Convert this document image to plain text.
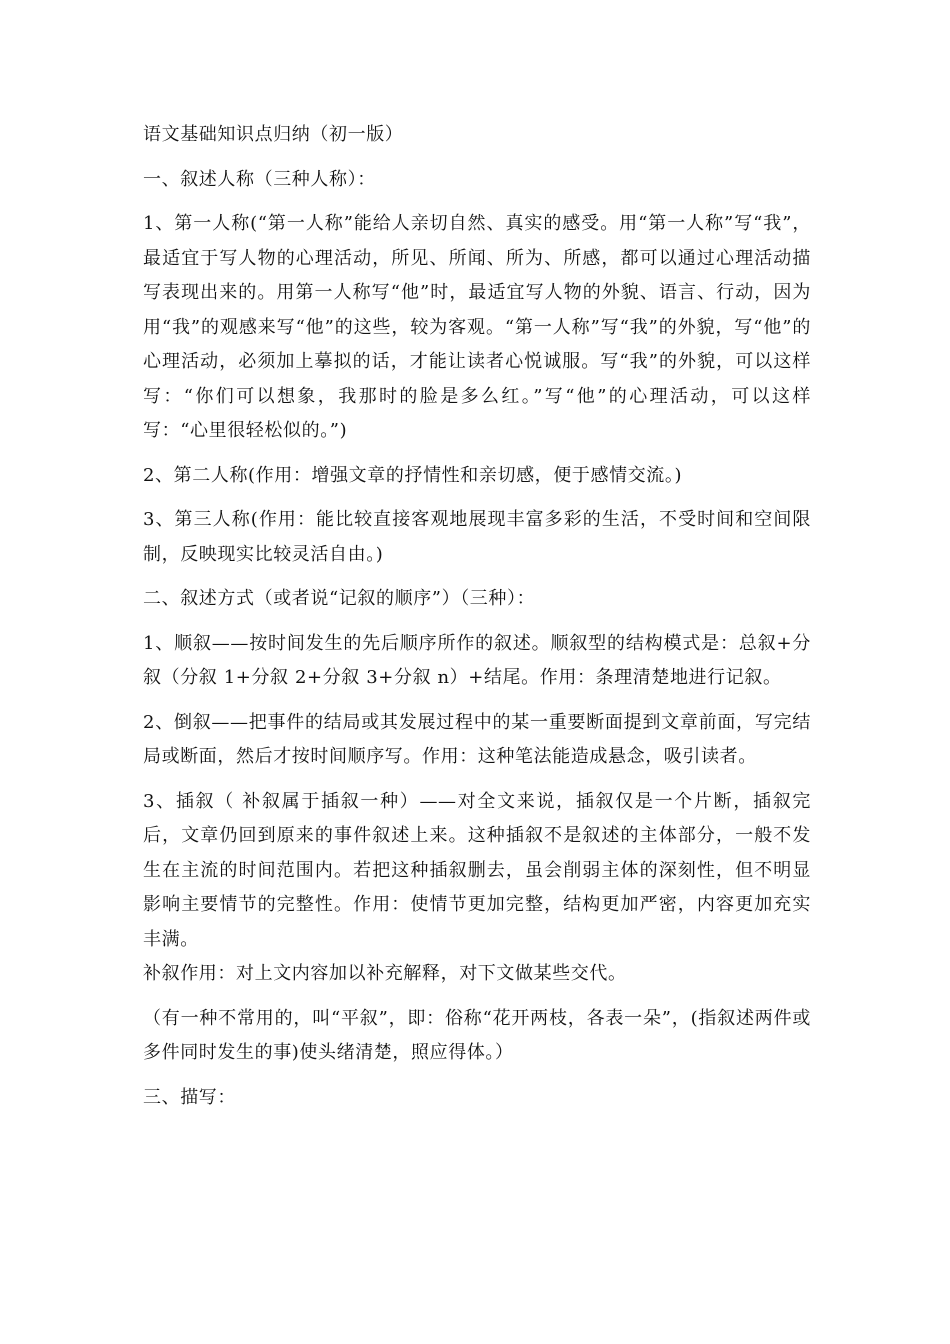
语文基础知识点归纳（初一版）

一、叙述人称（三种人称）：

1、第一人称(“第一人称”能给人亲切自然、真实的感受。用“第一人称”写“我”，最适宜于写人物的心理活动，所见、所闻、所为、所感，都可以通过心理活动描写表现出来的。用第一人称写“他”时，最适宜写人物的外貌、语言、行动，因为用“我”的观感来写“他”的这些，较为客观。“第一人称”写“我”的外貌，写“他”的心理活动，必须加上摹拟的话，才能让读者心悦诚服。写“我”的外貌，可以这样写：“你们可以想象，我那时的脸是多么红。”写“他”的心理活动，可以这样写：“心里很轻松似的。”)

2、第二人称(作用：增强文章的抒情性和亲切感，便于感情交流。)

3、第三人称(作用：能比较直接客观地展现丰富多彩的生活，不受时间和空间限制，反映现实比较灵活自由。)

二、叙述方式（或者说“记叙的顺序”）（三种）：

1、顺叙——按时间发生的先后顺序所作的叙述。顺叙型的结构模式是：总叙+分叙（分叙 1+分叙 2+分叙 3+分叙 n）+结尾。作用：条理清楚地进行记叙。

2、倒叙——把事件的结局或其发展过程中的某一重要断面提到文章前面，写完结局或断面，然后才按时间顺序写。作用：这种笔法能造成悬念，吸引读者。

3、插叙（ 补叙属于插叙一种）——对全文来说，插叙仅是一个片断，插叙完后，文章仍回到原来的事件叙述上来。这种插叙不是叙述的主体部分，一般不发生在主流的时间范围内。若把这种插叙删去，虽会削弱主体的深刻性，但不明显影响主要情节的完整性。作用：使情节更加完整，结构更加严密，内容更加充实丰满。

补叙作用：对上文内容加以补充解释，对下文做某些交代。

（有一种不常用的，叫“平叙”，即：俗称“花开两枝，各表一朵”，(指叙述两件或多件同时发生的事)使头绪清楚，照应得体。）

三、描写：
